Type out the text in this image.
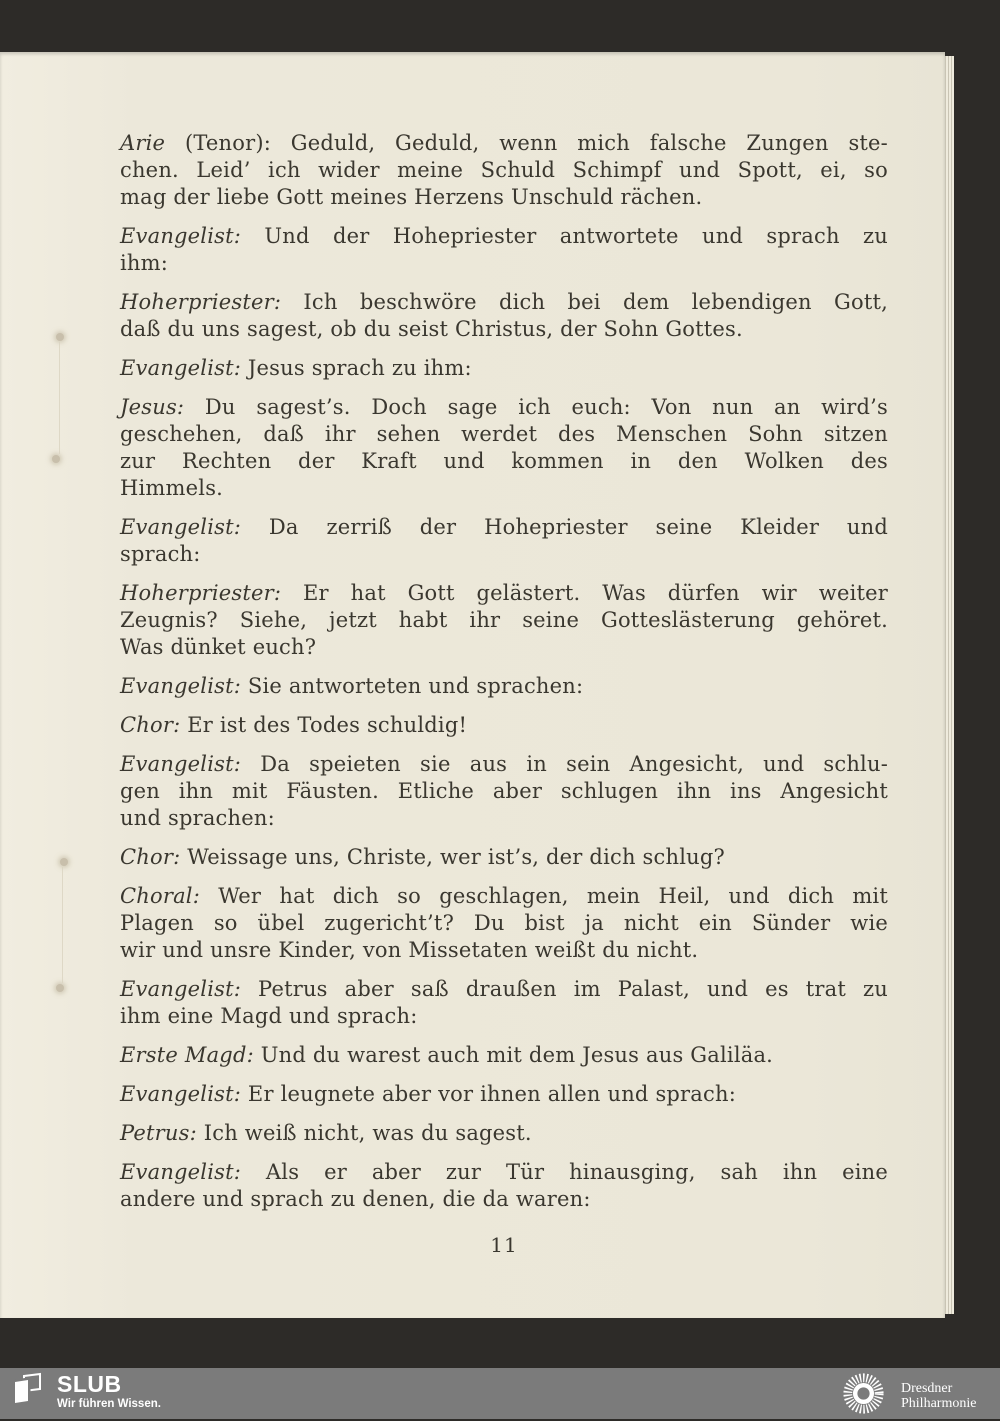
Arie (Tenor): Geduld, Geduld, wenn mich falsche Zungen ste-
chen. Leid’ ich wider meine Schuld Schimpf und Spott, ei, so
mag der liebe Gott meines Herzens Unschuld rächen.

Evangelist: Und der Hohepriester antwortete und sprach zu
ihm:

Hoherpriester: Ich beschwöre dich bei dem lebendigen Gott,
daß du uns sagest, ob du seist Christus, der Sohn Gottes.

Evangelist: Jesus sprach zu ihm:

Jesus: Du sagest’s. Doch sage ich euch: Von nun an wird’s
geschehen, daß ihr sehen werdet des Menschen Sohn sitzen
zur Rechten der Kraft und kommen in den Wolken des
Himmels.

Evangelist: Da zerriß der Hohepriester seine Kleider und
sprach:

Hoherpriester: Er hat Gott gelästert. Was dürfen wir weiter
Zeugnis? Siehe, jetzt habt ihr seine Gotteslästerung gehöret.
Was dünket euch?

Evangelist: Sie antworteten und sprachen:

Chor: Er ist des Todes schuldig!

Evangelist: Da speieten sie aus in sein Angesicht, und schlu-
gen ihn mit Fäusten. Etliche aber schlugen ihn ins Angesicht
und sprachen:

Chor: Weissage uns, Christe, wer ist’s, der dich schlug?

Choral: Wer hat dich so geschlagen, mein Heil, und dich mit
Plagen so übel zugericht’t? Du bist ja nicht ein Sünder wie
wir und unsre Kinder, von Missetaten weißt du nicht.

Evangelist: Petrus aber saß draußen im Palast, und es trat zu
ihm eine Magd und sprach:

Erste Magd: Und du warest auch mit dem Jesus aus Galiläa.

Evangelist: Er leugnete aber vor ihnen allen und sprach:

Petrus: Ich weiß nicht, was du sagest.

Evangelist: Als er aber zur Tür hinausging, sah ihn eine
andere und sprach zu denen, die da waren:

11
SLUB
Wir führen Wissen.
Dresdner
Philharmonie
